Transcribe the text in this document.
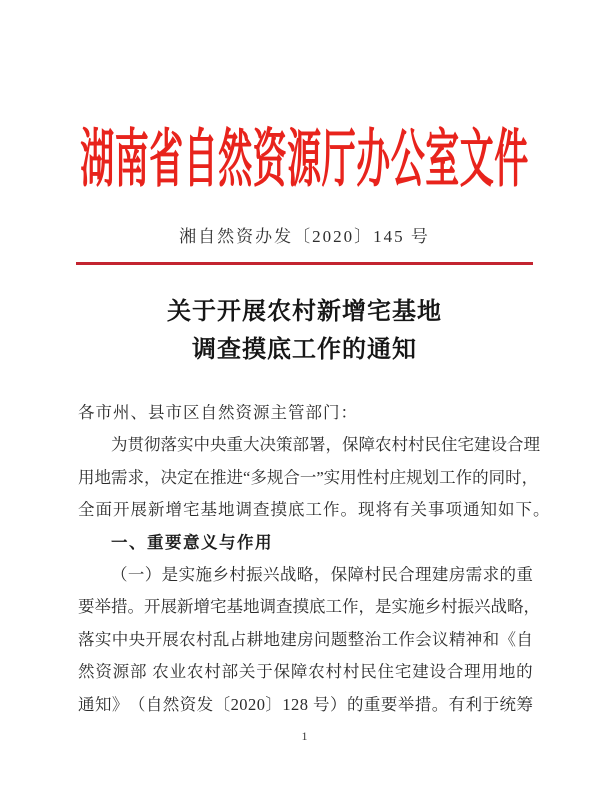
湖南省自然资源厅办公室文件
湘自然资办发〔2020〕145 号
关于开展农村新增宅基地
调查摸底工作的通知
各市州、县市区自然资源主管部门：
为 贯 彻 落 实 中 央 重 大 决 策 部 署 ， 保 障 农 村 村 民 住 宅 建 设 合 理
用 地 需 求 ， 决 定 在 推 进 “ 多 规 合 一 ” 实 用 性 村 庄 规 划 工 作 的 同 时 ，
全面开展新增宅基地调查摸底工作。现将有关事项通知如下。
一、重要意义与作用
（ 一 ） 是 实 施 乡 村 振 兴 战 略 ， 保 障 村 民 合 理 建 房 需 求 的 重
要 举 措 。 开 展 新 增 宅 基 地 调 查 摸 底 工 作 ， 是 实 施 乡 村 振 兴 战 略 ，
落 实 中 央 开 展 农 村 乱 占 耕 地 建 房 问 题 整 治 工 作 会 议 精 神 和 《 自
然 资 源 部
农 业 农 村 部 关 于 保 障 农 村 村 民 住 宅 建 设 合 理 用 地 的
通 知 》 （ 自 然 资 发 〔 2 0 2 0 〕 1 2 8
号 ） 的 重 要 举 措 。 有 利 于 统 筹
1
